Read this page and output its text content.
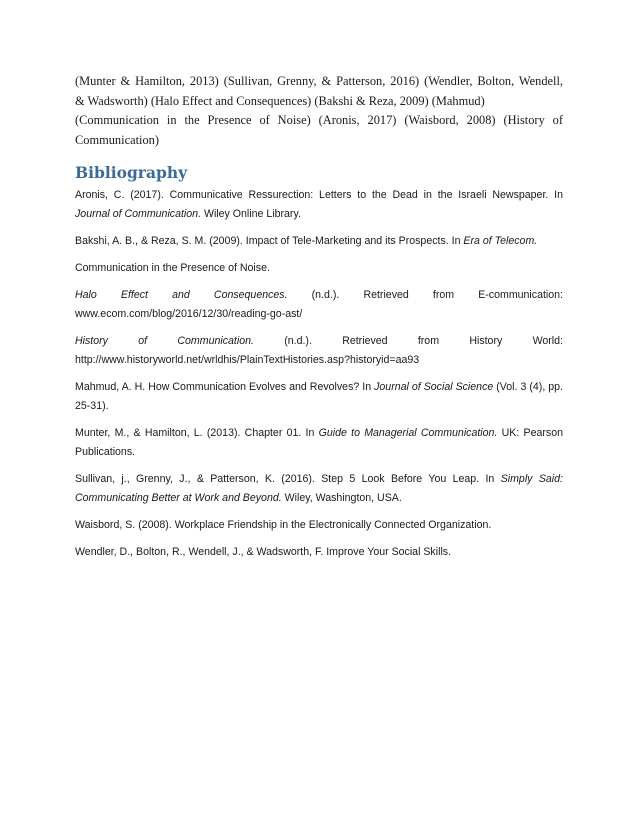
(Munter & Hamilton, 2013) (Sullivan, Grenny, & Patterson, 2016) (Wendler, Bolton, Wendell,

& Wadsworth) (Halo Effect and Consequences) (Bakshi & Reza, 2009) (Mahmud)

(Communication in the Presence of Noise) (Aronis, 2017) (Waisbord, 2008) (History of

Communication)

Bibliography

Aronis, C. (2017). Communicative Ressurection: Letters to the Dead in the Israeli Newspaper. In Journal of Communication. Wiley Online Library.

Bakshi, A. B., & Reza, S. M. (2009). Impact of Tele-Marketing and its Prospects. In Era of Telecom.

Communication in the Presence of Noise.

Halo Effect and Consequences. (n.d.). Retrieved from E-communication:
www.ecom.com/blog/2016/12/30/reading-go-ast/

History of Communication. (n.d.). Retrieved from History World:
http://www.historyworld.net/wrldhis/PlainTextHistories.asp?historyid=aa93

Mahmud, A. H. How Communication Evolves and Revolves? In Journal of Social Science (Vol. 3 (4), pp. 25-31).

Munter, M., & Hamilton, L. (2013). Chapter 01. In Guide to Managerial Communication. UK: Pearson Publications.

Sullivan, j., Grenny, J., & Patterson, K. (2016). Step 5 Look Before You Leap. In Simply Said: Communicating Better at Work and Beyond. Wiley, Washington, USA.

Waisbord, S. (2008). Workplace Friendship in the Electronically Connected Organization.

Wendler, D., Bolton, R., Wendell, J., & Wadsworth, F. Improve Your Social Skills.
